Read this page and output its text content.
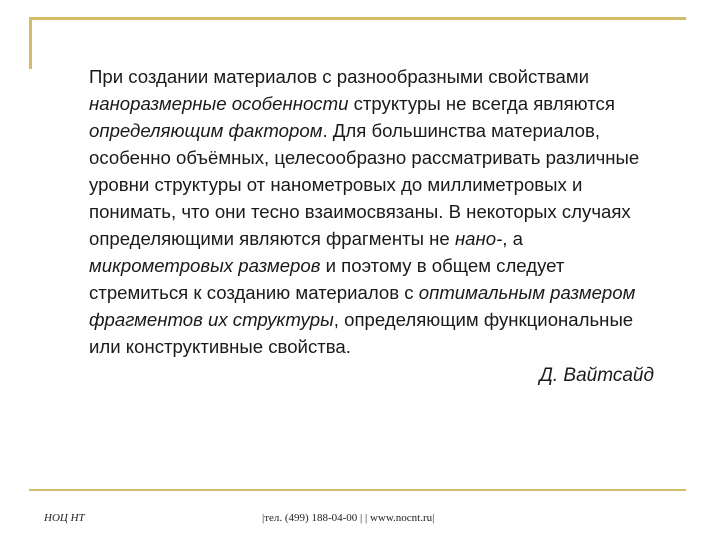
При создании материалов с разнообразными свойствами наноразмерные особенности структуры не всегда являются определяющим фактором. Для большинства материалов, особенно объёмных, целесообразно рассматривать различные уровни структуры от нанометровых до миллиметровых и понимать, что они тесно взаимосвязаны. В некоторых случаях определяющими являются фрагменты не нано-, а микрометровых размеров и поэтому в общем следует стремиться к созданию материалов с оптимальным размером фрагментов их структуры, определяющим функциональные или конструктивные свойства.

Д. Вайтсайд
НОЦ НТ	|тел. (499) 188-04-00 | | www.nocnt.ru|
